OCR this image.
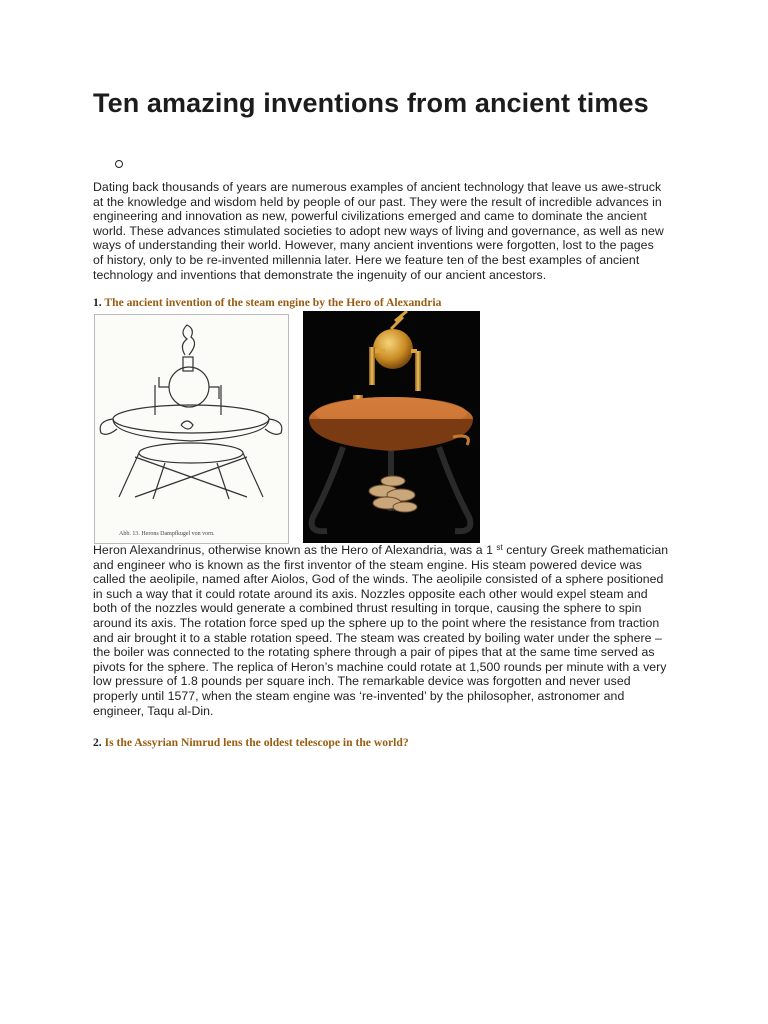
Ten amazing inventions from ancient times

Dating back thousands of years are numerous examples of ancient technology that leave us awe-struck at the knowledge and wisdom held by people of our past. They were the result of incredible advances in engineering and innovation as new, powerful civilizations emerged and came to dominate the ancient world. These advances stimulated societies to adopt new ways of living and governance, as well as new ways of understanding their world. However, many ancient inventions were forgotten, lost to the pages of history, only to be re-invented millennia later. Here we feature ten of the best examples of ancient technology and inventions that demonstrate the ingenuity of our ancient ancestors.

1. The ancient invention of the steam engine by the Hero of Alexandria
Abb. 13. Herons Dampfkugel von vorn.

Heron Alexandrinus, otherwise known as the Hero of Alexandria, was a 1 $^{st}$ century Greek mathematician and engineer who is known as the first inventor of the steam engine. His steam powered device was called the aeolipile, named after Aiolos, God of the winds. The aeolipile consisted of a sphere positioned in such a way that it could rotate around its axis. Nozzles opposite each other would expel steam and both of the nozzles would generate a combined thrust resulting in torque, causing the sphere to spin around its axis. The rotation force sped up the sphere up to the point where the resistance from traction and air brought it to a stable rotation speed. The steam was created by boiling water under the sphere – the boiler was connected to the rotating sphere through a pair of pipes that at the same time served as pivots for the sphere. The replica of Heron’s machine could rotate at 1,500 rounds per minute with a very low pressure of 1.8 pounds per square inch. The remarkable device was forgotten and never used properly until 1577, when the steam engine was ‘re-invented’ by the philosopher, astronomer and engineer, Taqu al-Din.

2. Is the Assyrian Nimrud lens the oldest telescope in the world?
